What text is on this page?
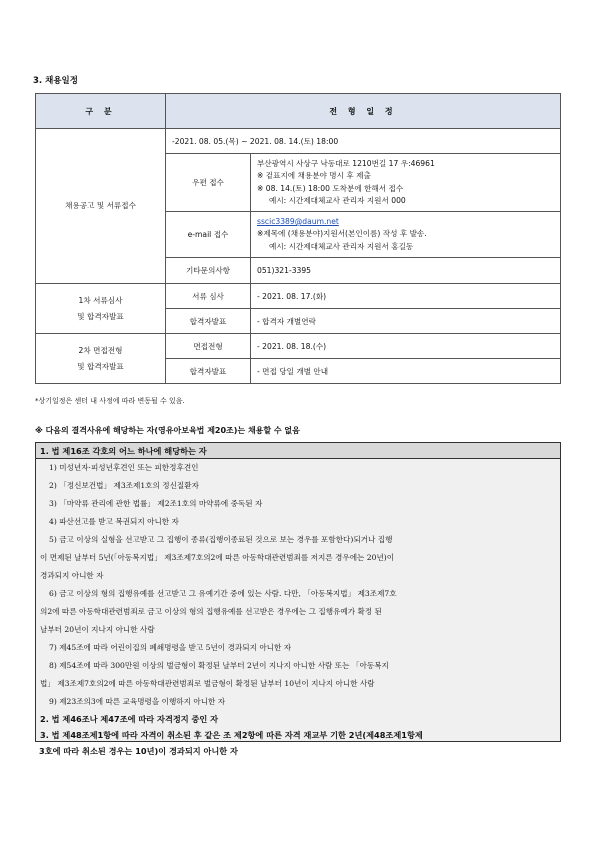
3. 채용일정
구 분	전 형 일 정	
채용공고 및 서류접수	-2021. 08. 05.(목) ~ 2021. 08. 14.(토) 18:00	
	우편 접수	부산광역시 사상구 낙동대로 1210번길 17 우:46961
※ 겉표지에 채용분야 명시 후 제출
※ 08. 14.(토) 18:00 도착분에 한해서 접수
예시: 시간제대체교사 관리자 지원서 000

	e-mail 접수	sscic3389@daum.net
※제목에 (채용분야)지원서(본인이름) 작성 후 발송.
예시: 시간제대체교사 관리자 지원서 홍길동

	기타문의사항	051)321-3395

1차 서류심사
및 합격자발표	서류 심사	- 2021. 08. 17.(화)
	합격자발표	- 합격자 개별연락

2차 면접전형
및 합격자발표	면접전형	- 2021. 08. 18.(수)
	합격자발표	- 면접 당일 개별 안내
*상기일정은 센터 내 사정에 따라 변동될 수 있음.
※ 다음의 결격사유에 해당하는 자(영유아보육법 제20조)는 채용할 수 없음
1. 법 제16조 각호의 어느 하나에 해당하는 자
1) 미성년자·피성년후견인 또는 피한정후견인
2) 「정신보건법」 제3조제1호의 정신질환자
3) 「마약류 관리에 관한 법률」 제2조1호의 마약류에 중독된 자
4) 파산선고를 받고 복권되지 아니한 자
5) 금고 이상의 실형을 선고받고 그 집행이 종류(집행이종료된 것으로 보는 경우를 포함한다)되거나 집행
이 면제된 날부터 5년(「아동복지법」 제3조제7호의2에 따른 아동학대관련범죄를 저지른 경우에는 20년)이
경과되지 아니한 자
6) 금고 이상의 형의 집행유예를 선고받고 그 유예기간 중에 있는 사람. 다만, 「아동복지법」 제3조제7호
의2에 따른 아동학대관련범죄로 금고 이상의 형의 집행유예를 선고받은 경우에는 그 집행유예가 확정 된
날부터 20년이 지나지 아니한 사람
7) 제45조에 따라 어린이집의 폐쇄명령을 받고 5년이 경과되지 아니한 자
8) 제54조에 따라 300만원 이상의 벌금형이 확정된 날부터 2년이 지나지 아니한 사람 또는 「아동복지
법」 제3조제7호의2에 따른 아동학대관련범죄로 벌금형이 확정된 날부터 10년이 지나지 아니한 사람
9) 제23조의3에 따른 교육명령을 이행하지 아니한 자
2. 법 제46조나 제47조에 따라 자격정지 중인 자
3. 법 제48조제1항에 따라 자격이 취소된 후 같은 조 제2항에 따른 자격 재교부 기한 2년(제48조제1항제
3호에 따라 취소된 경우는 10년)이 경과되지 아니한 자
